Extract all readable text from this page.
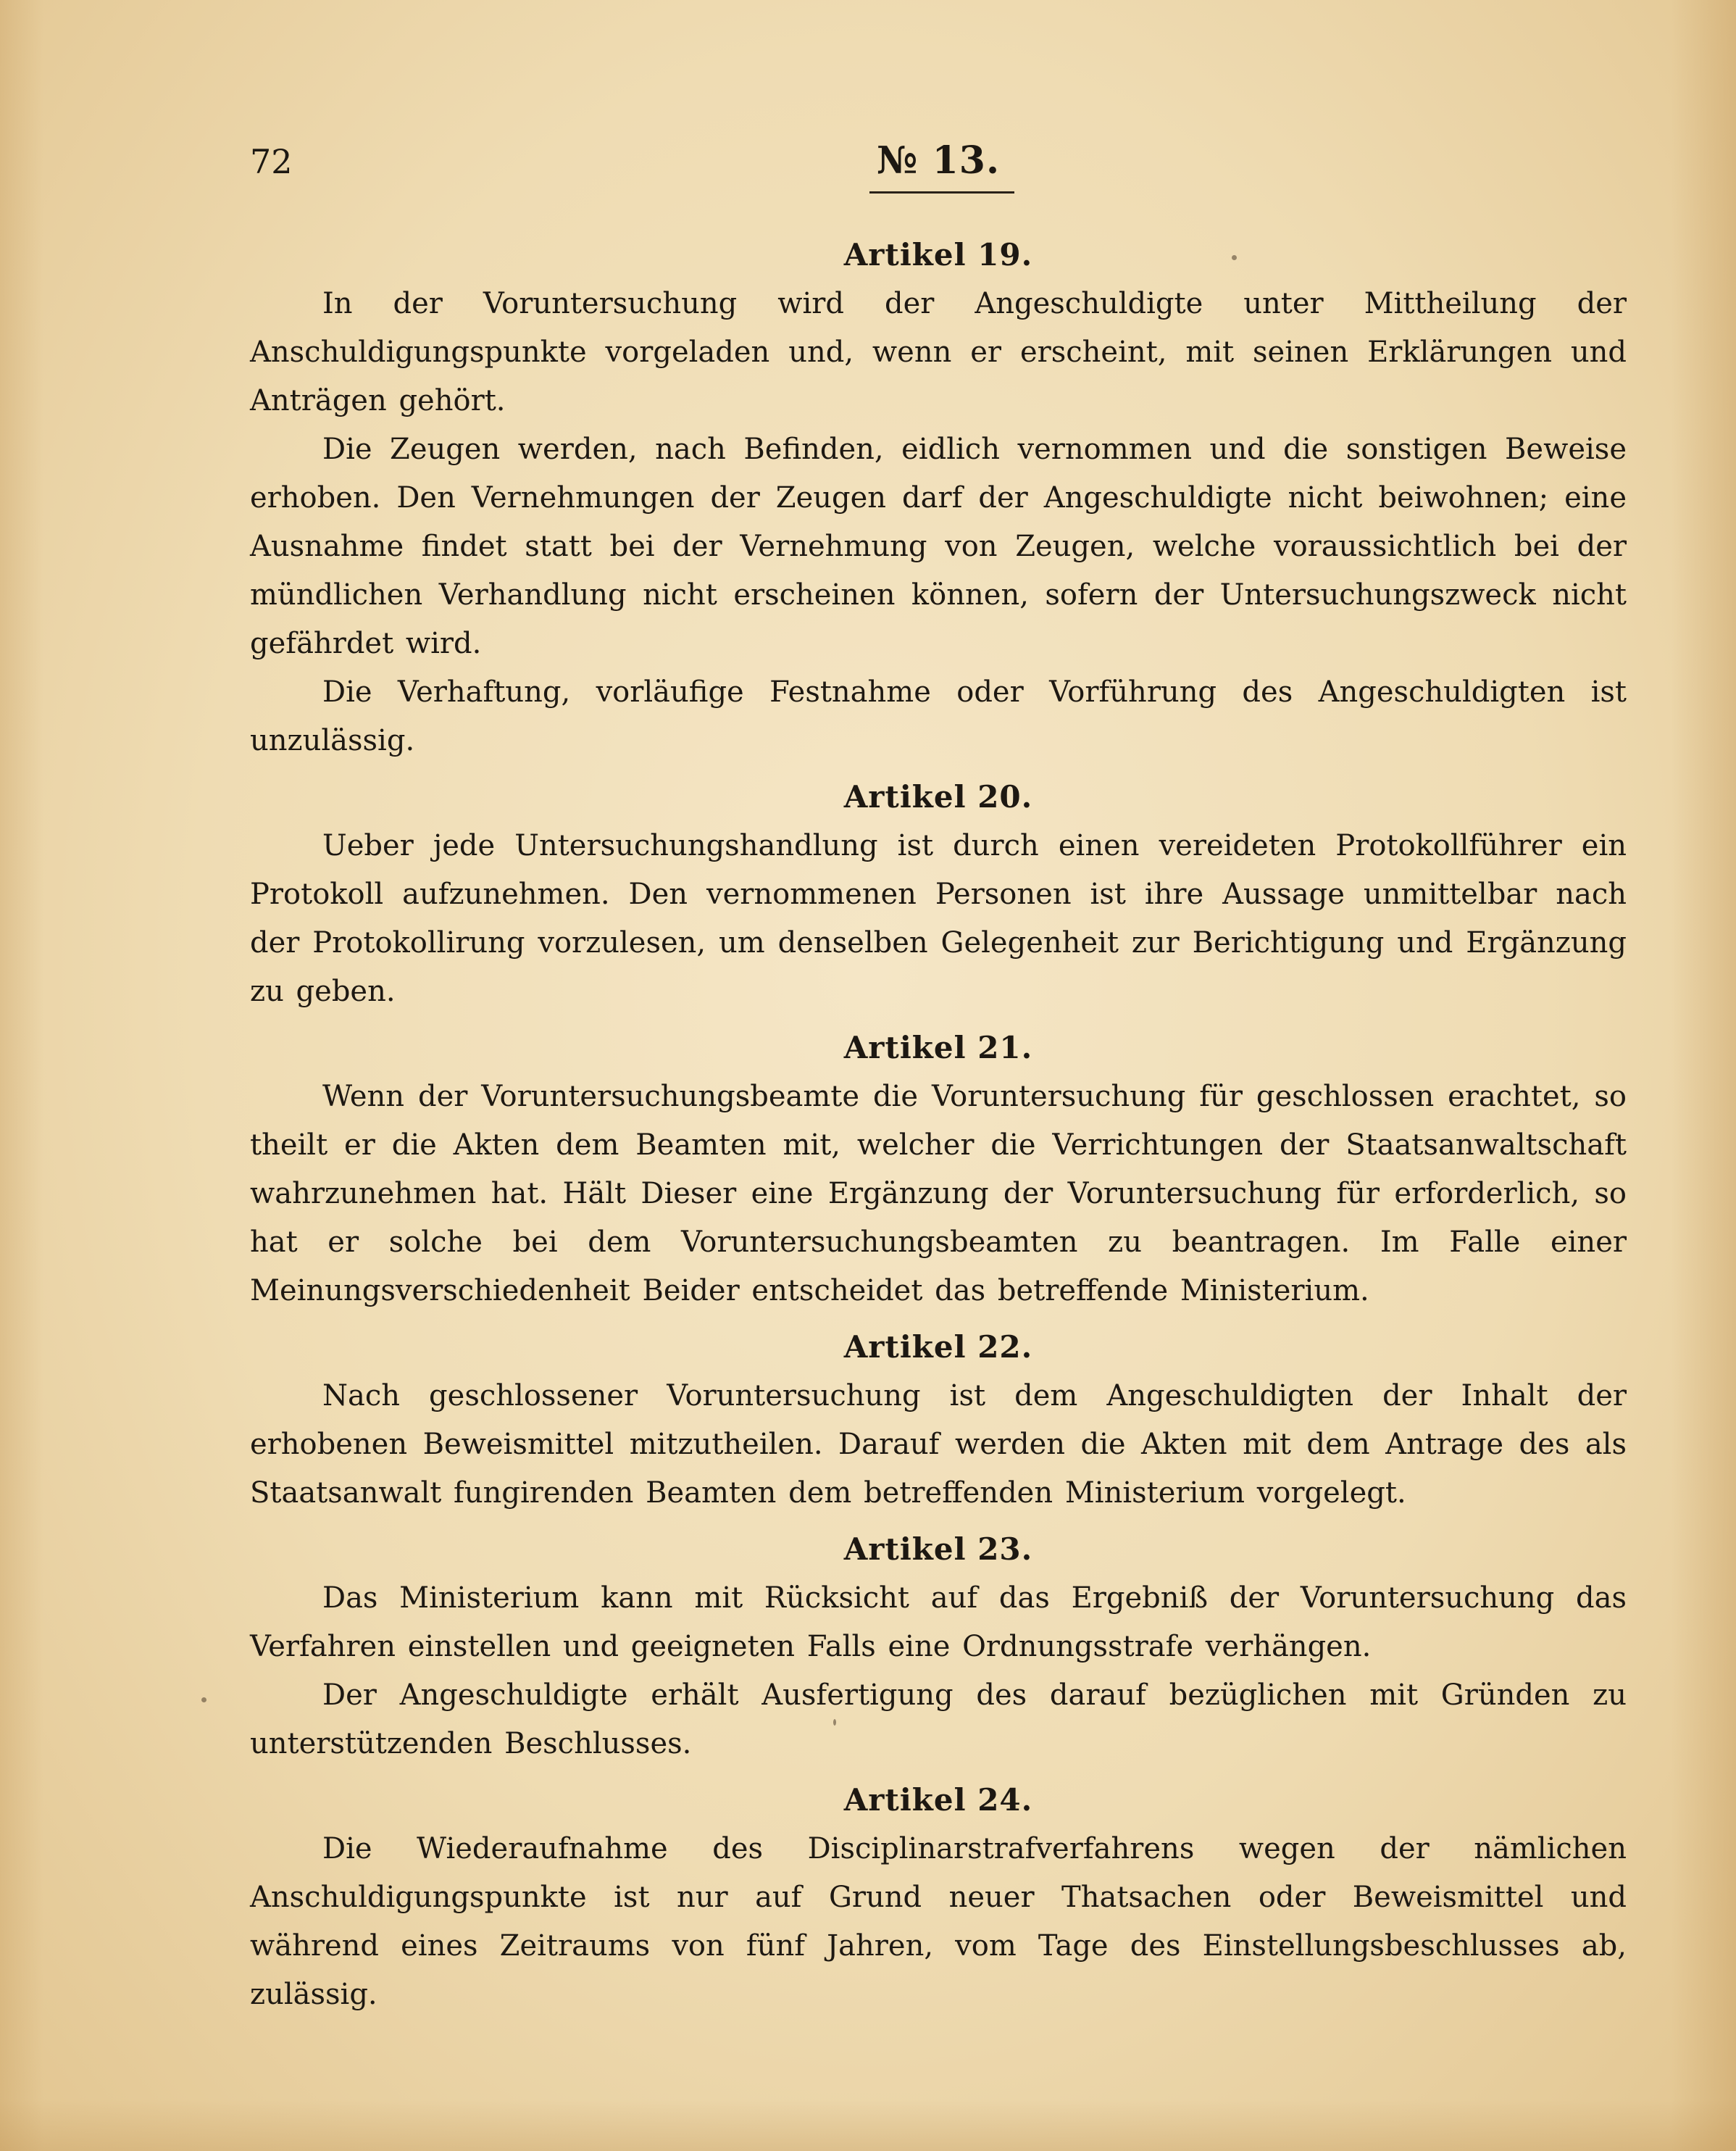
72	№ 13.
Artikel 19.

In der Voruntersuchung wird der Angeschuldigte unter Mittheilung der Anschuldigungspunkte vorgeladen und, wenn er erscheint, mit seinen Erklärungen und Anträgen gehört.

Die Zeugen werden, nach Befinden, eidlich vernommen und die sonstigen Beweise erhoben. Den Vernehmungen der Zeugen darf der Angeschuldigte nicht beiwohnen; eine Ausnahme findet statt bei der Vernehmung von Zeugen, welche voraussichtlich bei der mündlichen Verhandlung nicht erscheinen können, sofern der Untersuchungszweck nicht gefährdet wird.

Die Verhaftung, vorläufige Festnahme oder Vorführung des Angeschuldigten ist unzulässig.

Artikel 20.

Ueber jede Untersuchungshandlung ist durch einen vereideten Protokollführer ein Protokoll aufzunehmen. Den vernommenen Personen ist ihre Aussage unmittelbar nach der Protokollirung vorzulesen, um denselben Gelegenheit zur Berichtigung und Ergänzung zu geben.

Artikel 21.

Wenn der Voruntersuchungsbeamte die Voruntersuchung für geschlossen erachtet, so theilt er die Akten dem Beamten mit, welcher die Verrichtungen der Staatsanwaltschaft wahrzunehmen hat. Hält Dieser eine Ergänzung der Voruntersuchung für erforderlich, so hat er solche bei dem Voruntersuchungsbeamten zu beantragen. Im Falle einer Meinungsverschiedenheit Beider entscheidet das betreffende Ministerium.

Artikel 22.

Nach geschlossener Voruntersuchung ist dem Angeschuldigten der Inhalt der erhobenen Beweismittel mitzutheilen. Darauf werden die Akten mit dem Antrage des als Staatsanwalt fungirenden Beamten dem betreffenden Ministerium vorgelegt.

Artikel 23.

Das Ministerium kann mit Rücksicht auf das Ergebniß der Voruntersuchung das Verfahren einstellen und geeigneten Falls eine Ordnungsstrafe verhängen.

Der Angeschuldigte erhält Ausfertigung des darauf bezüglichen mit Gründen zu unterstützenden Beschlusses.

Artikel 24.

Die Wiederaufnahme des Disciplinarstrafverfahrens wegen der nämlichen Anschuldigungspunkte ist nur auf Grund neuer Thatsachen oder Beweismittel und während eines Zeitraums von fünf Jahren, vom Tage des Einstellungsbeschlusses ab, zulässig.
